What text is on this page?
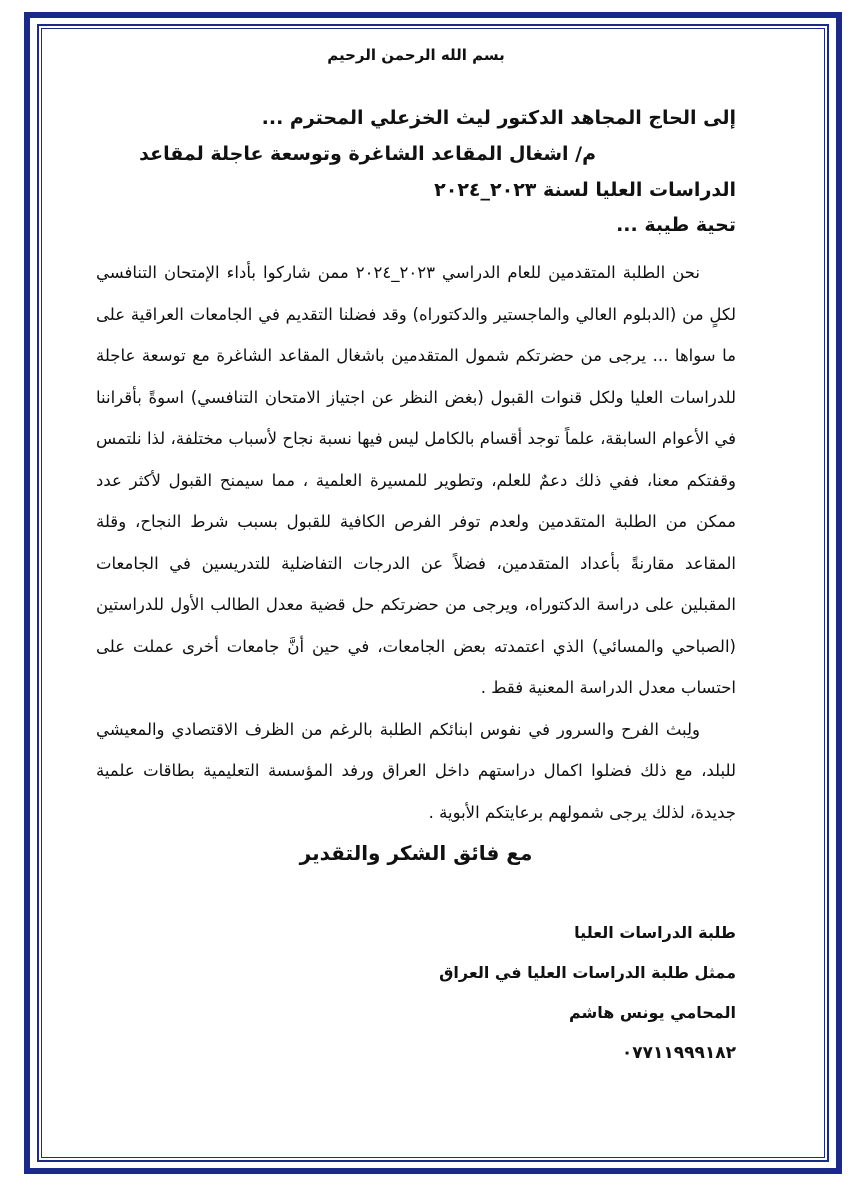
بسم الله الرحمن الرحيم
إلى الحاج المجاهد الدكتور ليث الخزعلي المحترم ...
م/ اشغال المقاعد الشاغرة وتوسعة عاجلة لمقاعد
الدراسات العليا لسنة ٢٠٢٣_٢٠٢٤
تحية طيبة ...

نحن الطلبة المتقدمين للعام الدراسي ٢٠٢٣_٢٠٢٤ ممن شاركوا بأداء الإمتحان التنافسي لكلٍ من (الدبلوم العالي والماجستير والدكتوراه) وقد فضلنا التقديم في الجامعات العراقية على ما سواها ... يرجى من حضرتكم شمول المتقدمين باشغال المقاعد الشاغرة مع توسعة عاجلة للدراسات العليا ولكل قنوات القبول (بغض النظر عن اجتياز الامتحان التنافسي) اسوةً بأقراننا في الأعوام السابقة، علماً توجد أقسام بالكامل ليس فيها نسبة نجاح لأسباب مختلفة، لذا نلتمس وقفتكم معنا، ففي ذلك دعمٌ للعلم، وتطوير للمسيرة العلمية ، مما سيمنح القبول لأكثر عدد ممكن من الطلبة المتقدمين ولعدم توفر الفرص الكافية للقبول بسبب شرط النجاح، وقلة المقاعد مقارنةً بأعداد المتقدمين، فضلاً عن الدرجات التفاضلية للتدريسين في الجامعات المقبلين على دراسة الدكتوراه، ويرجى من حضرتكم حل قضية معدل الطالب الأول للدراستين (الصباحي والمسائي) الذي اعتمدته بعض الجامعات، في حين أنَّ جامعات أخرى عملت على احتساب معدل الدراسة المعنية فقط .

ولِبث الفرح والسرور في نفوس ابنائكم الطلبة بالرغم من الظرف الاقتصادي والمعيشي للبلد، مع ذلك فضلوا اكمال دراستهم داخل العراق ورفد المؤسسة التعليمية بطاقات علمية جديدة، لذلك يرجى شمولهم برعايتكم الأبوية .

مع فائق الشكر والتقدير
طلبة الدراسات العليا
ممثل طلبة الدراسات العليا في العراق
المحامي يونس هاشم
٠٧٧١١٩٩٩١٨٢
